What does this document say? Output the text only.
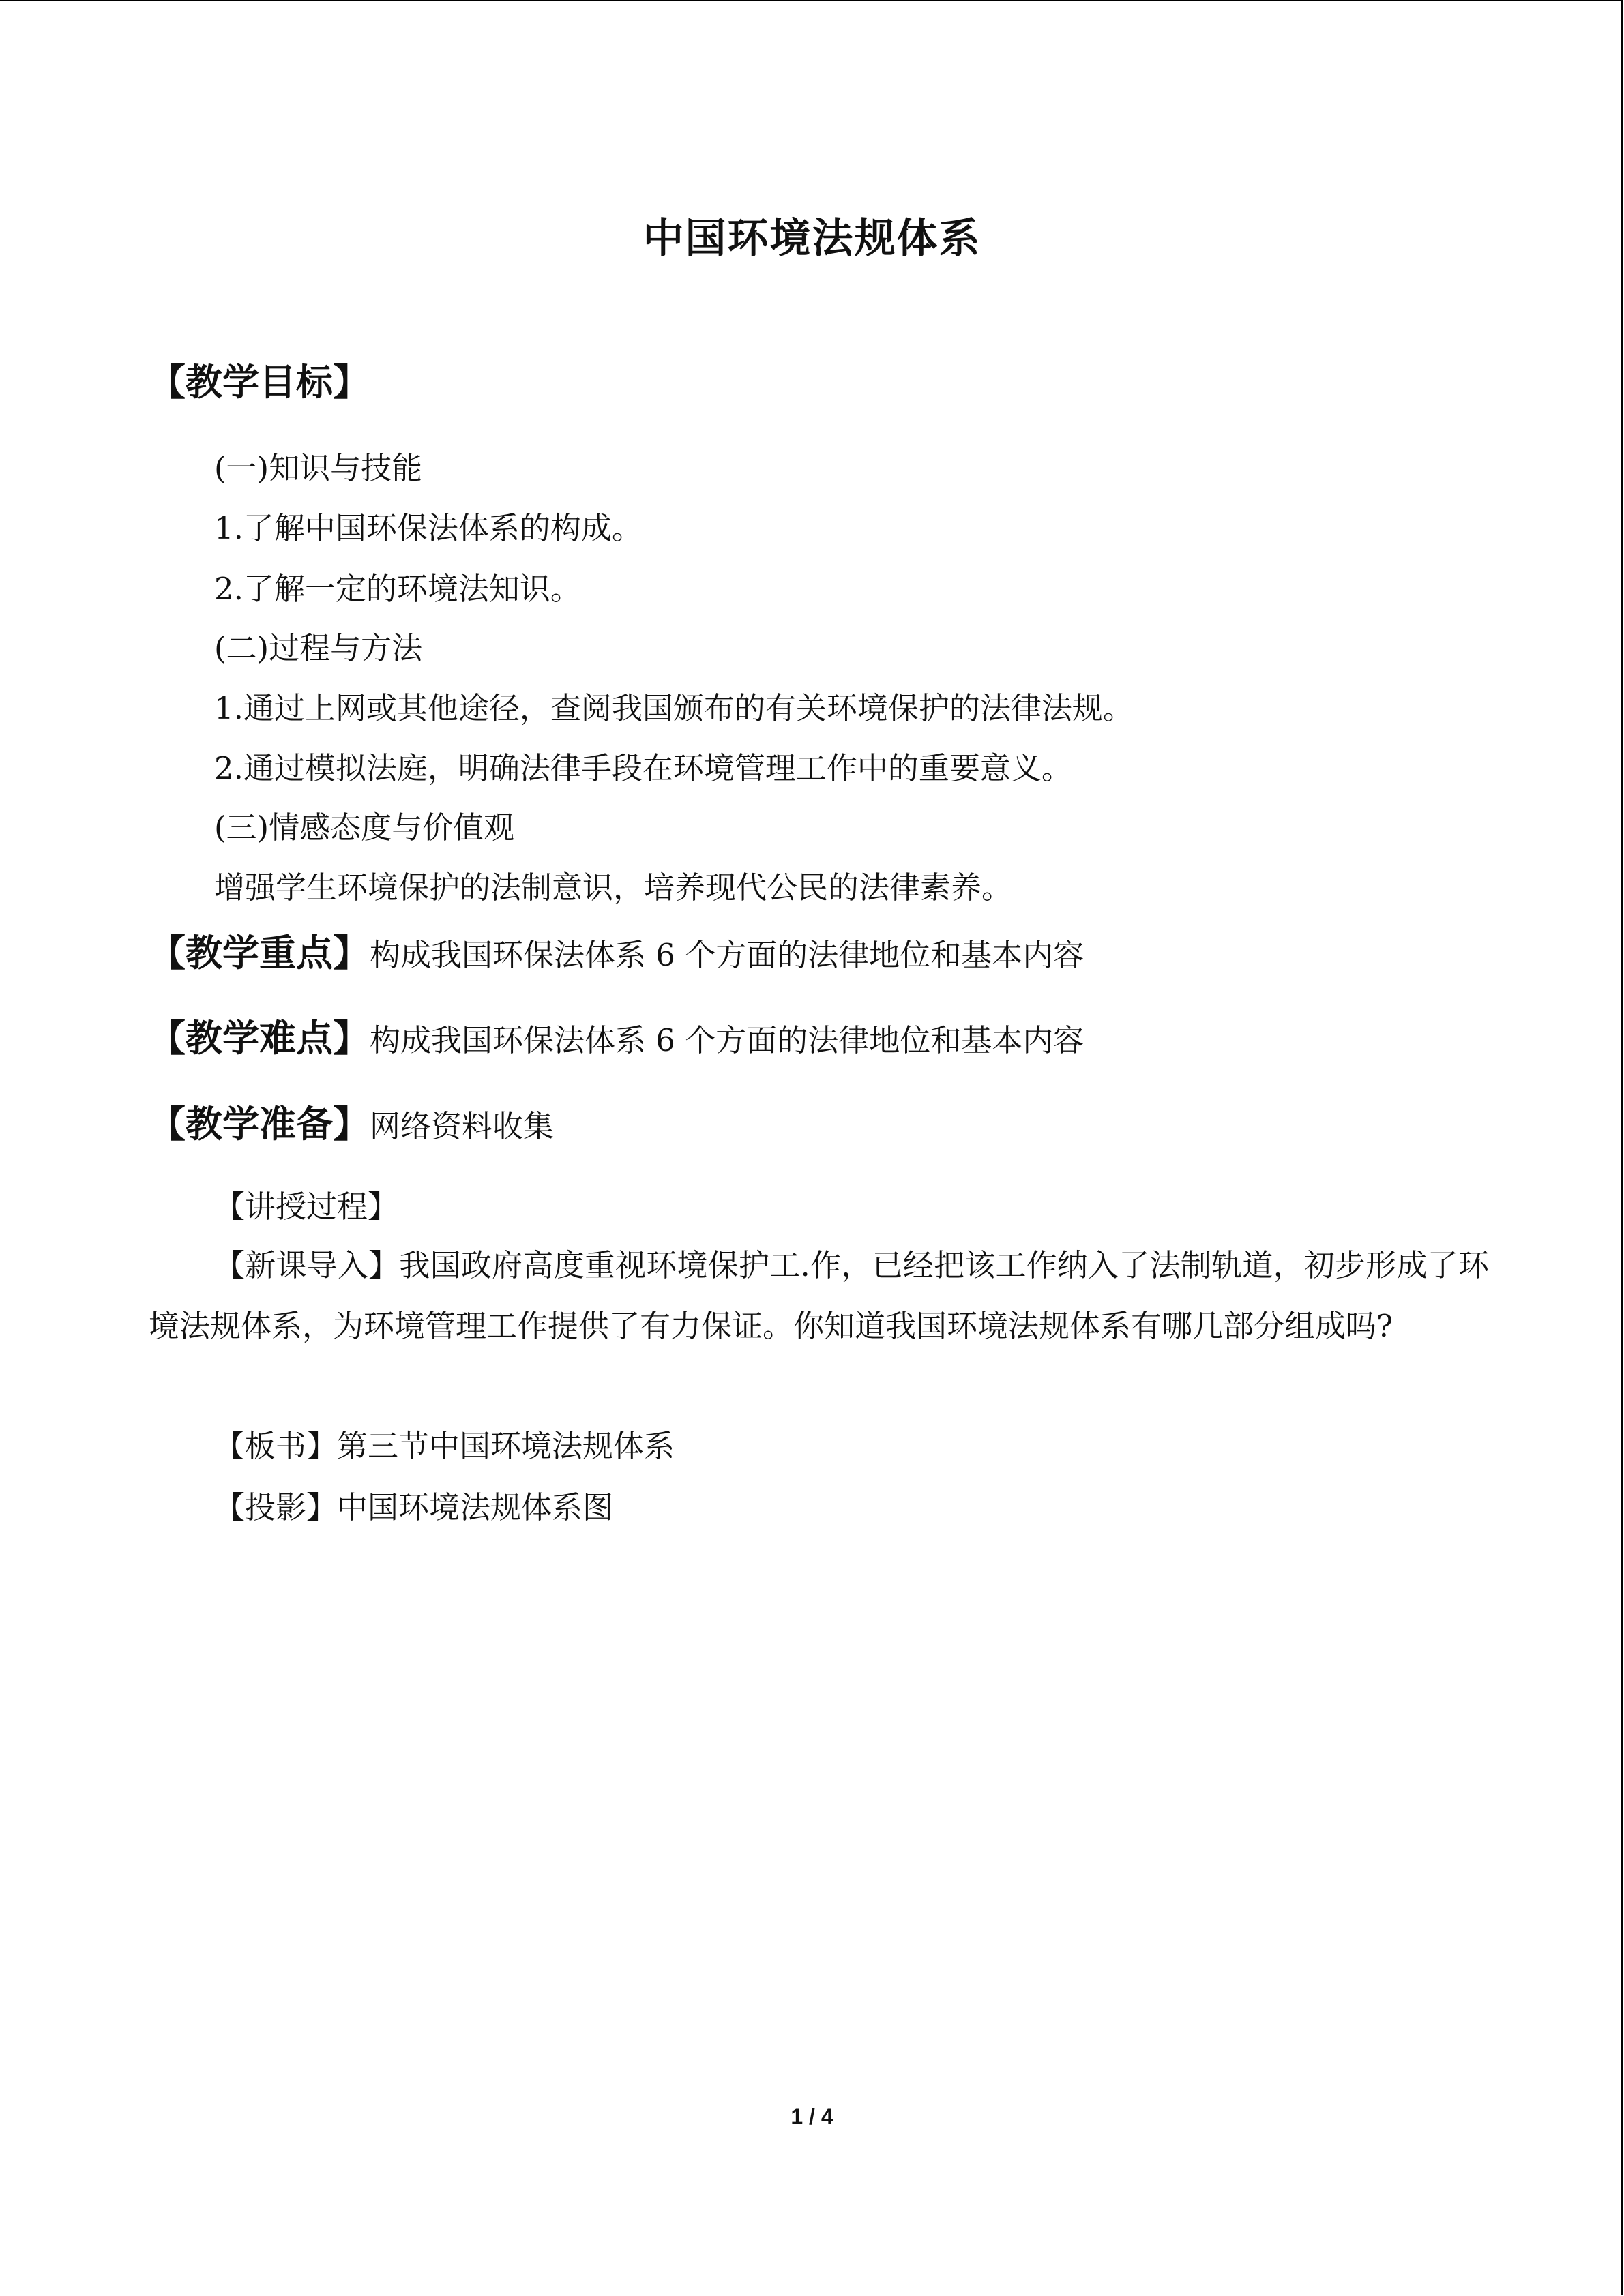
中国环境法规体系
【教学目标】
(一)知识与技能
1.了解中国环保法体系的构成。
2.了解一定的环境法知识。
(二)过程与方法
1.通过上网或其他途径，查阅我国颁布的有关环境保护的法律法规。
2.通过模拟法庭，明确法律手段在环境管理工作中的重要意义。
(三)情感态度与价值观
增强学生环境保护的法制意识，培养现代公民的法律素养。
【教学重点】构成我国环保法体系 6 个方面的法律地位和基本内容
【教学难点】构成我国环保法体系 6 个方面的法律地位和基本内容
【教学准备】网络资料收集
【讲授过程】
【新课导入】我国政府高度重视环境保护工.作，已经把该工作纳入了法制轨道，初步形成了环境法规体系，为环境管理工作提供了有力保证。你知道我国环境法规体系有哪几部分组成吗?
【板书】第三节中国环境法规体系
【投影】中国环境法规体系图
1 / 4
